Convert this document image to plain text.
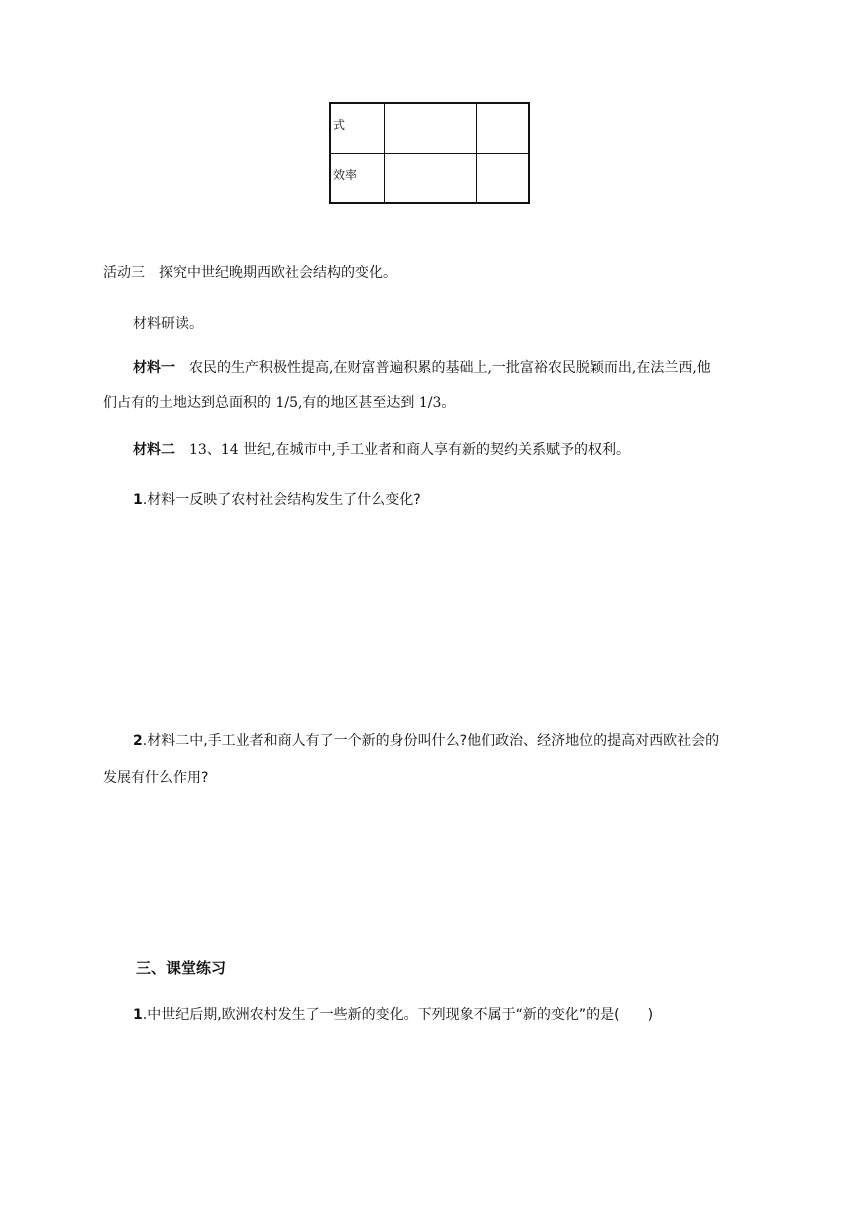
式		

效率		

活动三　探究中世纪晚期西欧社会结构的变化。
材料研读。
材料一　农民的生产积极性提高,在财富普遍积累的基础上,一批富裕农民脱颖而出,在法兰西,他
们占有的土地达到总面积的 1/5,有的地区甚至达到 1/3。
材料二　13、14 世纪,在城市中,手工业者和商人享有新的契约关系赋予的权利。
1.材料一反映了农村社会结构发生了什么变化?
2.材料二中,手工业者和商人有了一个新的身份叫什么?他们政治、经济地位的提高对西欧社会的
发展有什么作用?
三、课堂练习
1.中世纪后期,欧洲农村发生了一些新的变化。下列现象不属于“新的变化”的是(　　)
